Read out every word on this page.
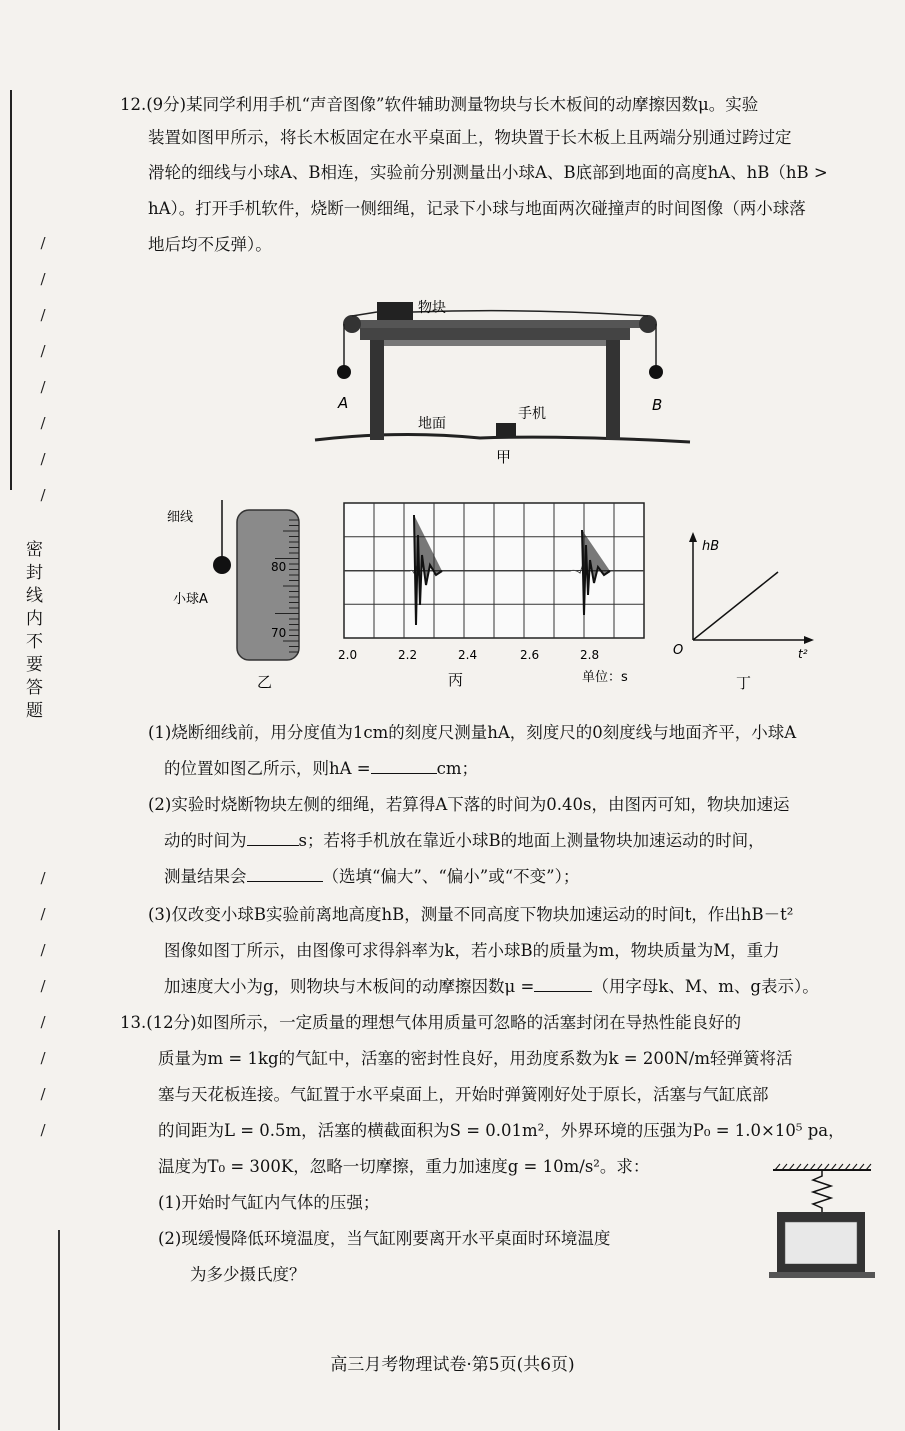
/
/
/
/
/
/
/
/
密封线内不要答题
/
/
/
/
/
/
/
/
12.(9分)某同学利用手机“声音图像”软件辅助测量物块与长木板间的动摩擦因数μ。实验
装置如图甲所示，将长木板固定在水平桌面上，物块置于长木板上且两端分别通过跨过定
滑轮的细线与小球A、B相连，实验前分别测量出小球A、B底部到地面的高度hA、hB（hB >
hA）。打开手机软件，烧断一侧细绳，记录下小球与地面两次碰撞声的时间图像（两小球落
地后均不反弹）。
物块
地面
手机
A	B
甲
细线
小球A
80
70
乙
2.0	2.2	2.4	2.6	2.8
单位：s
丙
hB
t²
O
丁
(1)烧断细线前，用分度值为1cm的刻度尺测量hA，刻度尺的0刻度线与地面齐平，小球A
的位置如图乙所示，则hA =	cm；
(2)实验时烧断物块左侧的细绳，若算得A下落的时间为0.40s，由图丙可知，物块加速运
动的时间为	s；若将手机放在靠近小球B的地面上测量物块加速运动的时间，
测量结果会	（选填“偏大”、“偏小”或“不变”）；
(3)仅改变小球B实验前离地高度hB，测量不同高度下物块加速运动的时间t，作出hB－t²
图像如图丁所示，由图像可求得斜率为k，若小球B的质量为m，物块质量为M，重力
加速度大小为g，则物块与木板间的动摩擦因数μ =	（用字母k、M、m、g表示）。
13.(12分)如图所示，一定质量的理想气体用质量可忽略的活塞封闭在导热性能良好的
质量为m = 1kg的气缸中，活塞的密封性良好，用劲度系数为k = 200N/m轻弹簧将活
塞与天花板连接。气缸置于水平桌面上，开始时弹簧刚好处于原长，活塞与气缸底部
的间距为L = 0.5m，活塞的横截面积为S = 0.01m²，外界环境的压强为P₀ = 1.0×10⁵ pa，
温度为T₀ = 300K，忽略一切摩擦，重力加速度g = 10m/s²。求：
(1)开始时气缸内气体的压强；
(2)现缓慢降低环境温度，当气缸刚要离开水平桌面时环境温度
为多少摄氏度？
高三月考物理试卷·第5页(共6页)
